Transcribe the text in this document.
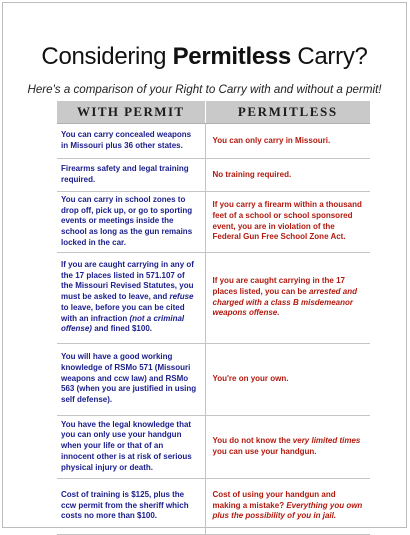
Considering Permitless Carry?
Here's a comparison of your Right to Carry with and without a permit!
WITH PERMIT	PERMITLESS
You can carry concealed weapons in Missouri plus 36 other states.	You can only carry in Missouri.
Firearms safety and legal training required.	No training required.
You can carry in school zones to drop off, pick up, or go to sporting events or meetings inside the school as long as the gun remains locked in the car.	If you carry a firearm within a thousand feet of a school or school sponsored event, you are in violation of the Federal Gun Free School Zone Act.
If you are caught carrying in any of the 17 places listed in 571.107 of the Missouri Revised Statutes, you must be asked to leave, and refuse to leave, before you can be cited with an infraction (not a criminal offense) and fined $100.	If you are caught carrying in the 17 places listed, you can be arrested and charged with a class B misdemeanor weapons offense.
You will have a good working knowledge of RSMo 571 (Missouri weapons and ccw law) and RSMo 563 (when you are justified in using self defense).	You're on your own.
You have the legal knowledge that you can only use your handgun when your life or that of an innocent other is at risk of serious physical injury or death.	You do not know the very limited times you can use your handgun.
Cost of training is $125, plus the ccw permit from the sheriff which costs no more than $100.	Cost of using your handgun and making a mistake? Everything you own plus the possibility of you in jail.
